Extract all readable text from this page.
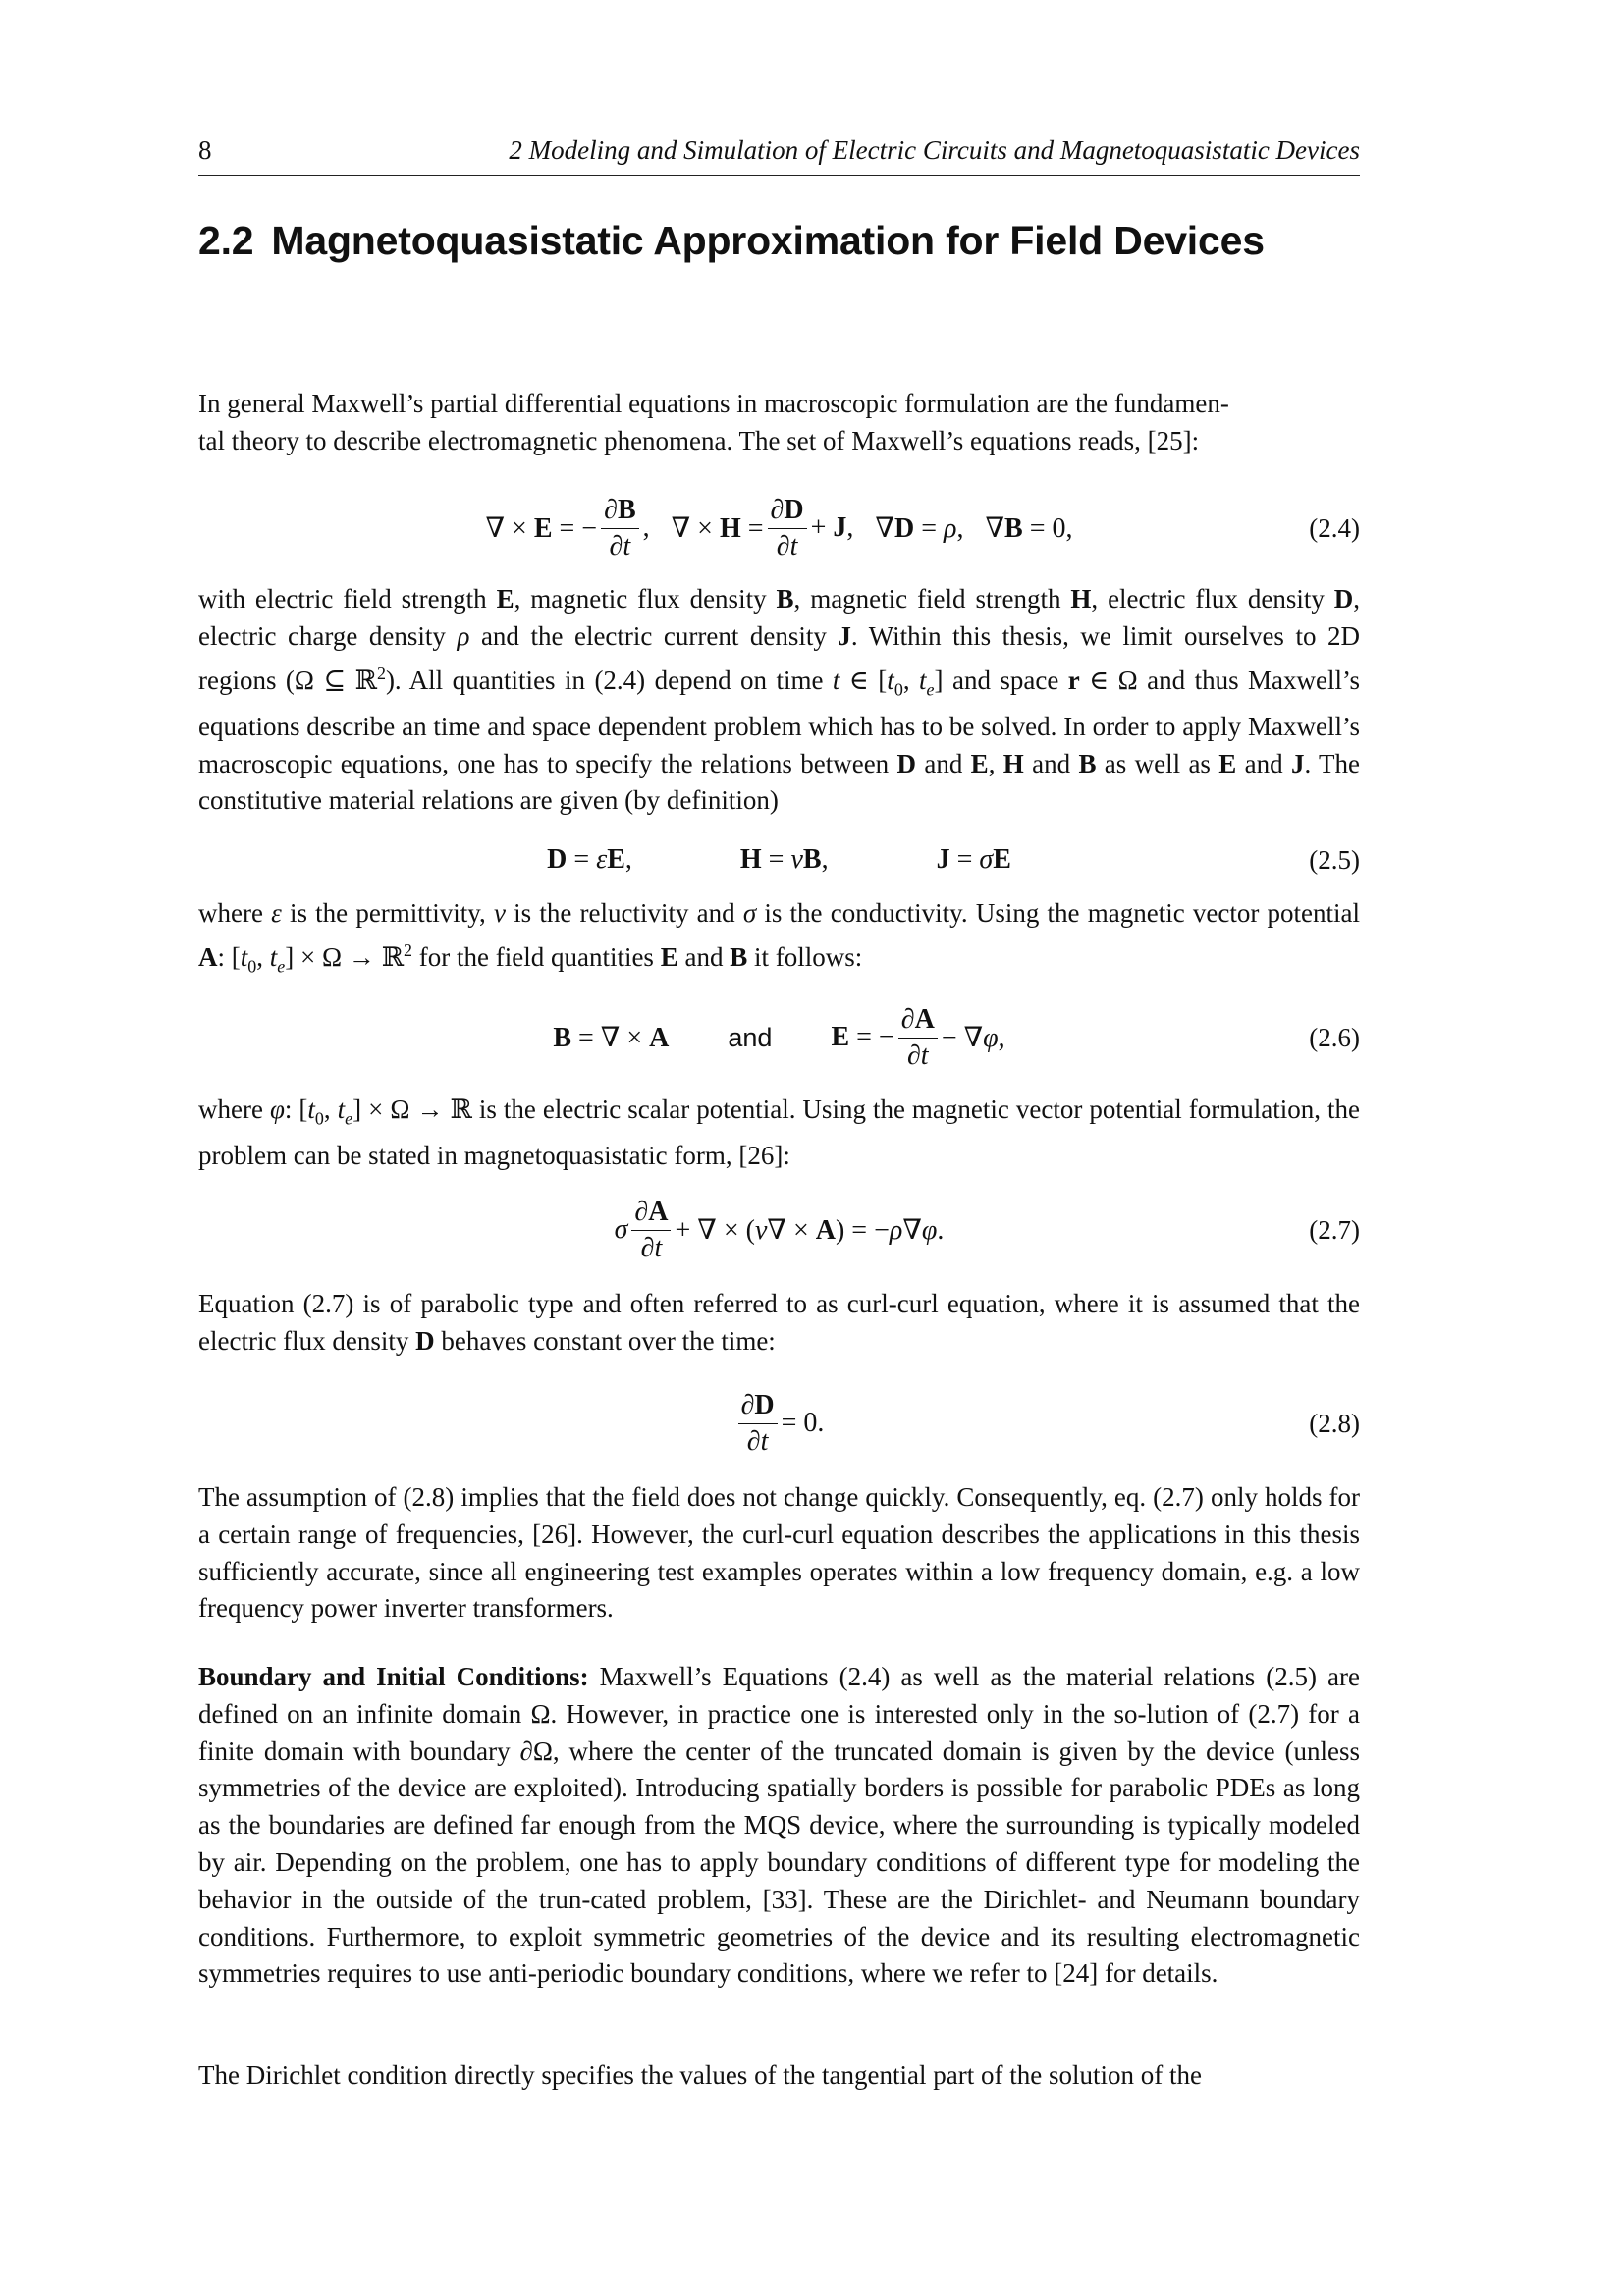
8	2 Modeling and Simulation of Electric Circuits and Magnetoquasistatic Devices
2.2 Magnetoquasistatic Approximation for Field Devices
In general Maxwell’s partial differential equations in macroscopic formulation are the fundamen-
tal theory to describe electromagnetic phenomena. The set of Maxwell’s equations reads, [25]:
∇ × E = − $\frac{\partial B}{\partial t}$ , ∇ × $H = \frac{\partial D}{\partial t} + J$, ∇D = ρ, ∇B = 0,	(2.4)
with electric field strength E, magnetic flux density B, magnetic field strength H, electric flux density D, electric charge density ρ and the electric current density J. Within this thesis, we limit ourselves to 2D regions (Ω ⊆ ℝ$^2$). All quantities in (2.4) depend on time t ∈ [$t_0$, $t_e$] and space r ∈ Ω and thus Maxwell’s equations describe an time and space dependent problem which has to be solved. In order to apply Maxwell’s macroscopic equations, one has to specify the relations between D and E, H and B as well as E and J. The constitutive material relations are given (by definition)
D = εE,	H = νB,	J = σE	(2.5)
where ε is the permittivity, ν is the reluctivity and σ is the conductivity. Using the magnetic vector potential A: [$t_0$, $t_e] \times \Omega$ → ℝ$^2$ for the field quantities E and B it follows:
B = ∇ × A and E = − $\frac{\partial A}{\partial t} - \nabla\varphi$,	(2.6)
where φ: [$t_0$, $t_e] \times \Omega$ → ℝ is the electric scalar potential. Using the magnetic vector potential formulation, the problem can be stated in magnetoquasistatic form, [26]:
σ $\frac{\partial A}{\partial t}$ + ∇ × (ν∇ × A) = −ρ∇φ.	(2.7)
Equation (2.7) is of parabolic type and often referred to as curl-curl equation, where it is assumed that the electric flux density D behaves constant over the time:
$\frac{\partial D}{\partial t} = 0$.	(2.8)
The assumption of (2.8) implies that the field does not change quickly. Consequently, eq. (2.7) only holds for a certain range of frequencies, [26]. However, the curl-curl equation describes the applications in this thesis sufficiently accurate, since all engineering test examples operates within a low frequency domain, e.g. a low frequency power inverter transformers.
Boundary and Initial Conditions: Maxwell’s Equations (2.4) as well as the material relations (2.5) are defined on an infinite domain Ω. However, in practice one is interested only in the so-lution of (2.7) for a finite domain with boundary ∂Ω, where the center of the truncated domain is given by the device (unless symmetries of the device are exploited). Introducing spatially borders is possible for parabolic PDEs as long as the boundaries are defined far enough from the MQS device, where the surrounding is typically modeled by air. Depending on the problem, one has to apply boundary conditions of different type for modeling the behavior in the outside of the trun-cated problem, [33]. These are the Dirichlet- and Neumann boundary conditions. Furthermore, to exploit symmetric geometries of the device and its resulting electromagnetic symmetries requires to use anti-periodic boundary conditions, where we refer to [24] for details.
The Dirichlet condition directly specifies the values of the tangential part of the solution of the
